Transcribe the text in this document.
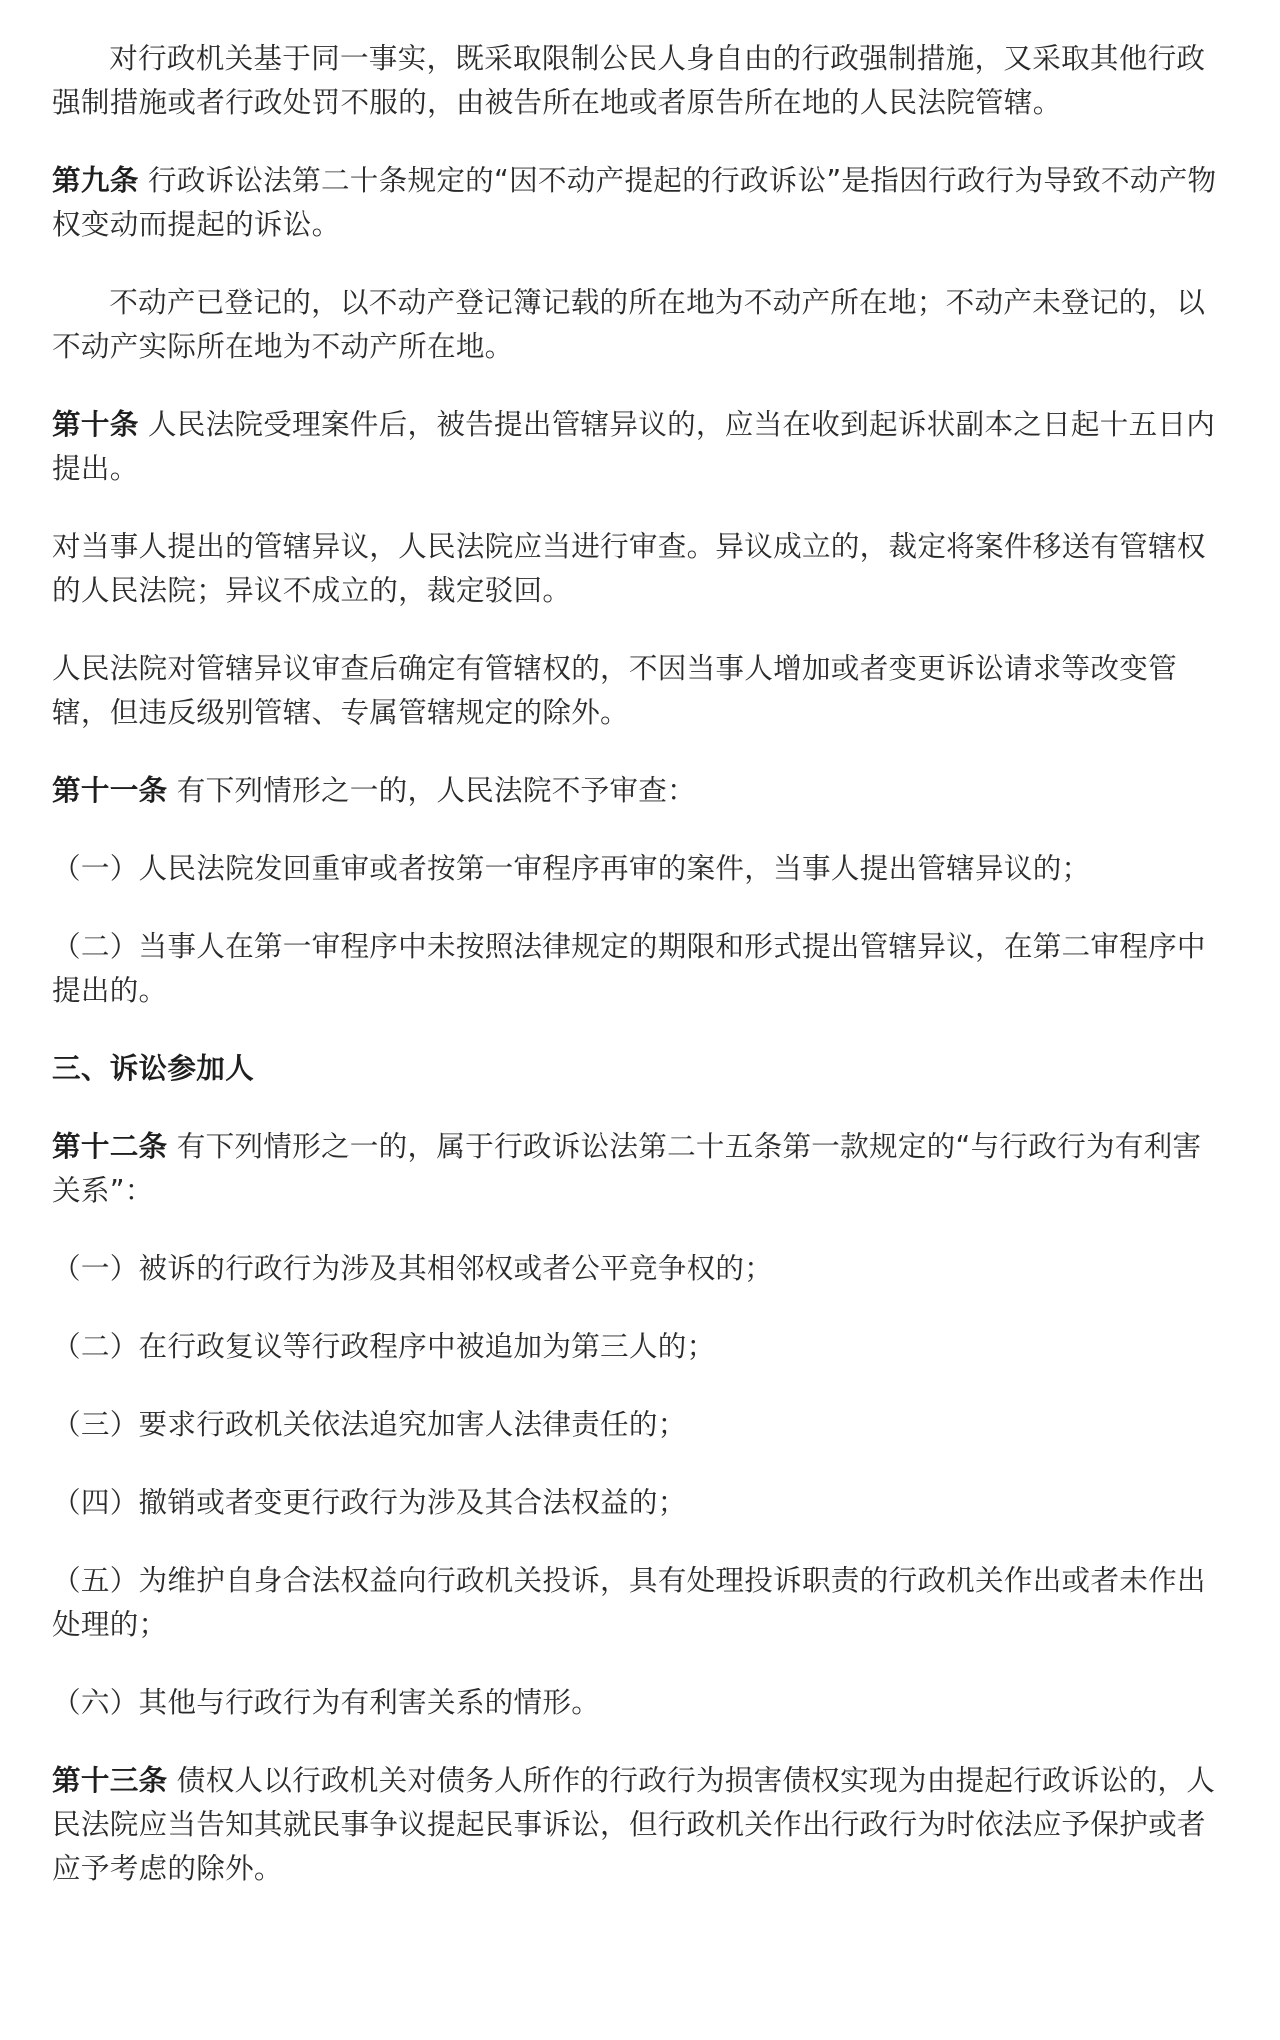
对行政机关基于同一事实，既采取限制公民人身自由的行政强制措施，又采取其他行政强制措施或者行政处罚不服的，由被告所在地或者原告所在地的人民法院管辖。

第九条 行政诉讼法第二十条规定的“因不动产提起的行政诉讼”是指因行政行为导致不动产物权变动而提起的诉讼。

不动产已登记的，以不动产登记簿记载的所在地为不动产所在地；不动产未登记的，以不动产实际所在地为不动产所在地。

第十条 人民法院受理案件后，被告提出管辖异议的，应当在收到起诉状副本之日起十五日内提出。

对当事人提出的管辖异议，人民法院应当进行审查。异议成立的，裁定将案件移送有管辖权的人民法院；异议不成立的，裁定驳回。

人民法院对管辖异议审查后确定有管辖权的，不因当事人增加或者变更诉讼请求等改变管辖，但违反级别管辖、专属管辖规定的除外。

第十一条 有下列情形之一的，人民法院不予审查：

（一）人民法院发回重审或者按第一审程序再审的案件，当事人提出管辖异议的；

（二）当事人在第一审程序中未按照法律规定的期限和形式提出管辖异议，在第二审程序中提出的。

三、诉讼参加人

第十二条 有下列情形之一的，属于行政诉讼法第二十五条第一款规定的“与行政行为有利害关系”：

（一）被诉的行政行为涉及其相邻权或者公平竞争权的；

（二）在行政复议等行政程序中被追加为第三人的；

（三）要求行政机关依法追究加害人法律责任的；

（四）撤销或者变更行政行为涉及其合法权益的；

（五）为维护自身合法权益向行政机关投诉，具有处理投诉职责的行政机关作出或者未作出处理的；

（六）其他与行政行为有利害关系的情形。

第十三条 债权人以行政机关对债务人所作的行政行为损害债权实现为由提起行政诉讼的，人民法院应当告知其就民事争议提起民事诉讼，但行政机关作出行政行为时依法应予保护或者应予考虑的除外。
